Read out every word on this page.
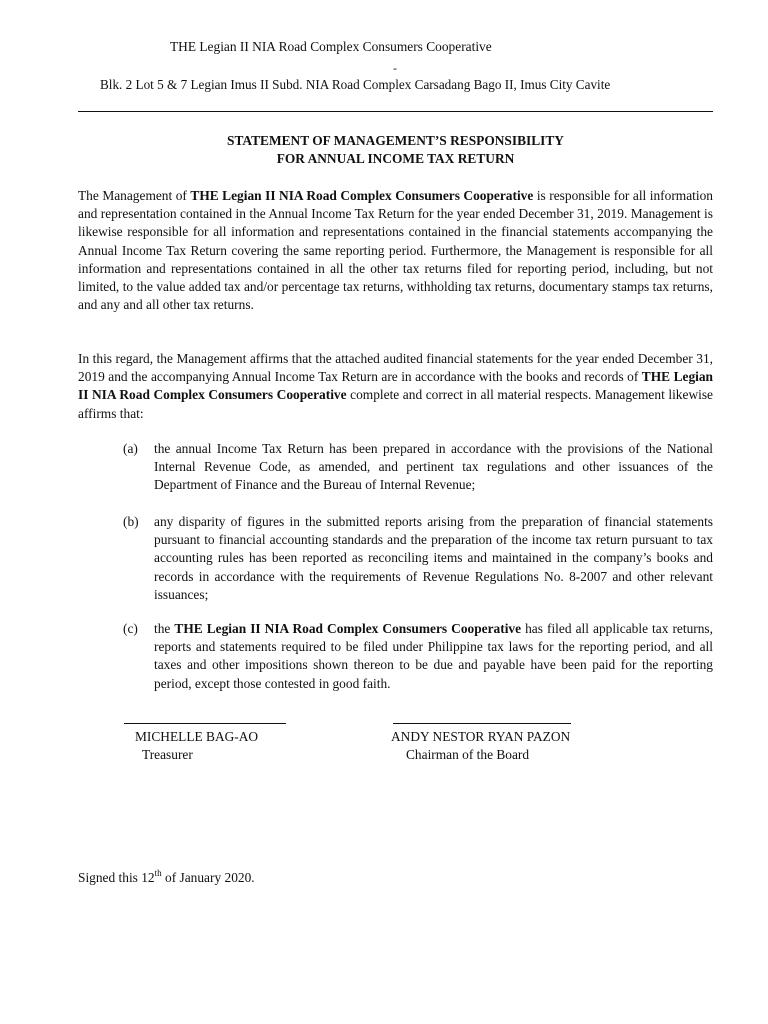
THE Legian II NIA Road Complex Consumers Cooperative
-
Blk. 2 Lot 5 & 7 Legian Imus II Subd. NIA Road Complex Carsadang Bago II, Imus City Cavite
STATEMENT OF MANAGEMENT’S RESPONSIBILITY
FOR ANNUAL INCOME TAX RETURN
The Management of THE Legian II NIA Road Complex Consumers Cooperative is responsible for all information and representation contained in the Annual Income Tax Return for the year ended December 31, 2019. Management is likewise responsible for all information and representations contained in the financial statements accompanying the Annual Income Tax Return covering the same reporting period. Furthermore, the Management is responsible for all information and representations contained in all the other tax returns filed for reporting period, including, but not limited, to the value added tax and/or percentage tax returns, withholding tax returns, documentary stamps tax returns, and any and all other tax returns.
In this regard, the Management affirms that the attached audited financial statements for the year ended December 31, 2019 and the accompanying Annual Income Tax Return are in accordance with the books and records of THE Legian II NIA Road Complex Consumers Cooperative complete and correct in all material respects. Management likewise affirms that:
(a)	the annual Income Tax Return has been prepared in accordance with the provisions of the National Internal Revenue Code, as amended, and pertinent tax regulations and other issuances of the Department of Finance and the Bureau of Internal Revenue;
(b)	any disparity of figures in the submitted reports arising from the preparation of financial statements pursuant to financial accounting standards and the preparation of the income tax return pursuant to tax accounting rules has been reported as reconciling items and maintained in the company’s books and records in accordance with the requirements of Revenue Regulations No. 8-2007 and other relevant issuances;
(c)	the THE Legian II NIA Road Complex Consumers Cooperative has filed all applicable tax returns, reports and statements required to be filed under Philippine tax laws for the reporting period, and all taxes and other impositions shown thereon to be due and payable have been paid for the reporting period, except those contested in good faith.
MICHELLE BAG-AO	ANDY NESTOR RYAN PAZON
Treasurer	Chairman of the Board
Signed this 12th of January 2020.
